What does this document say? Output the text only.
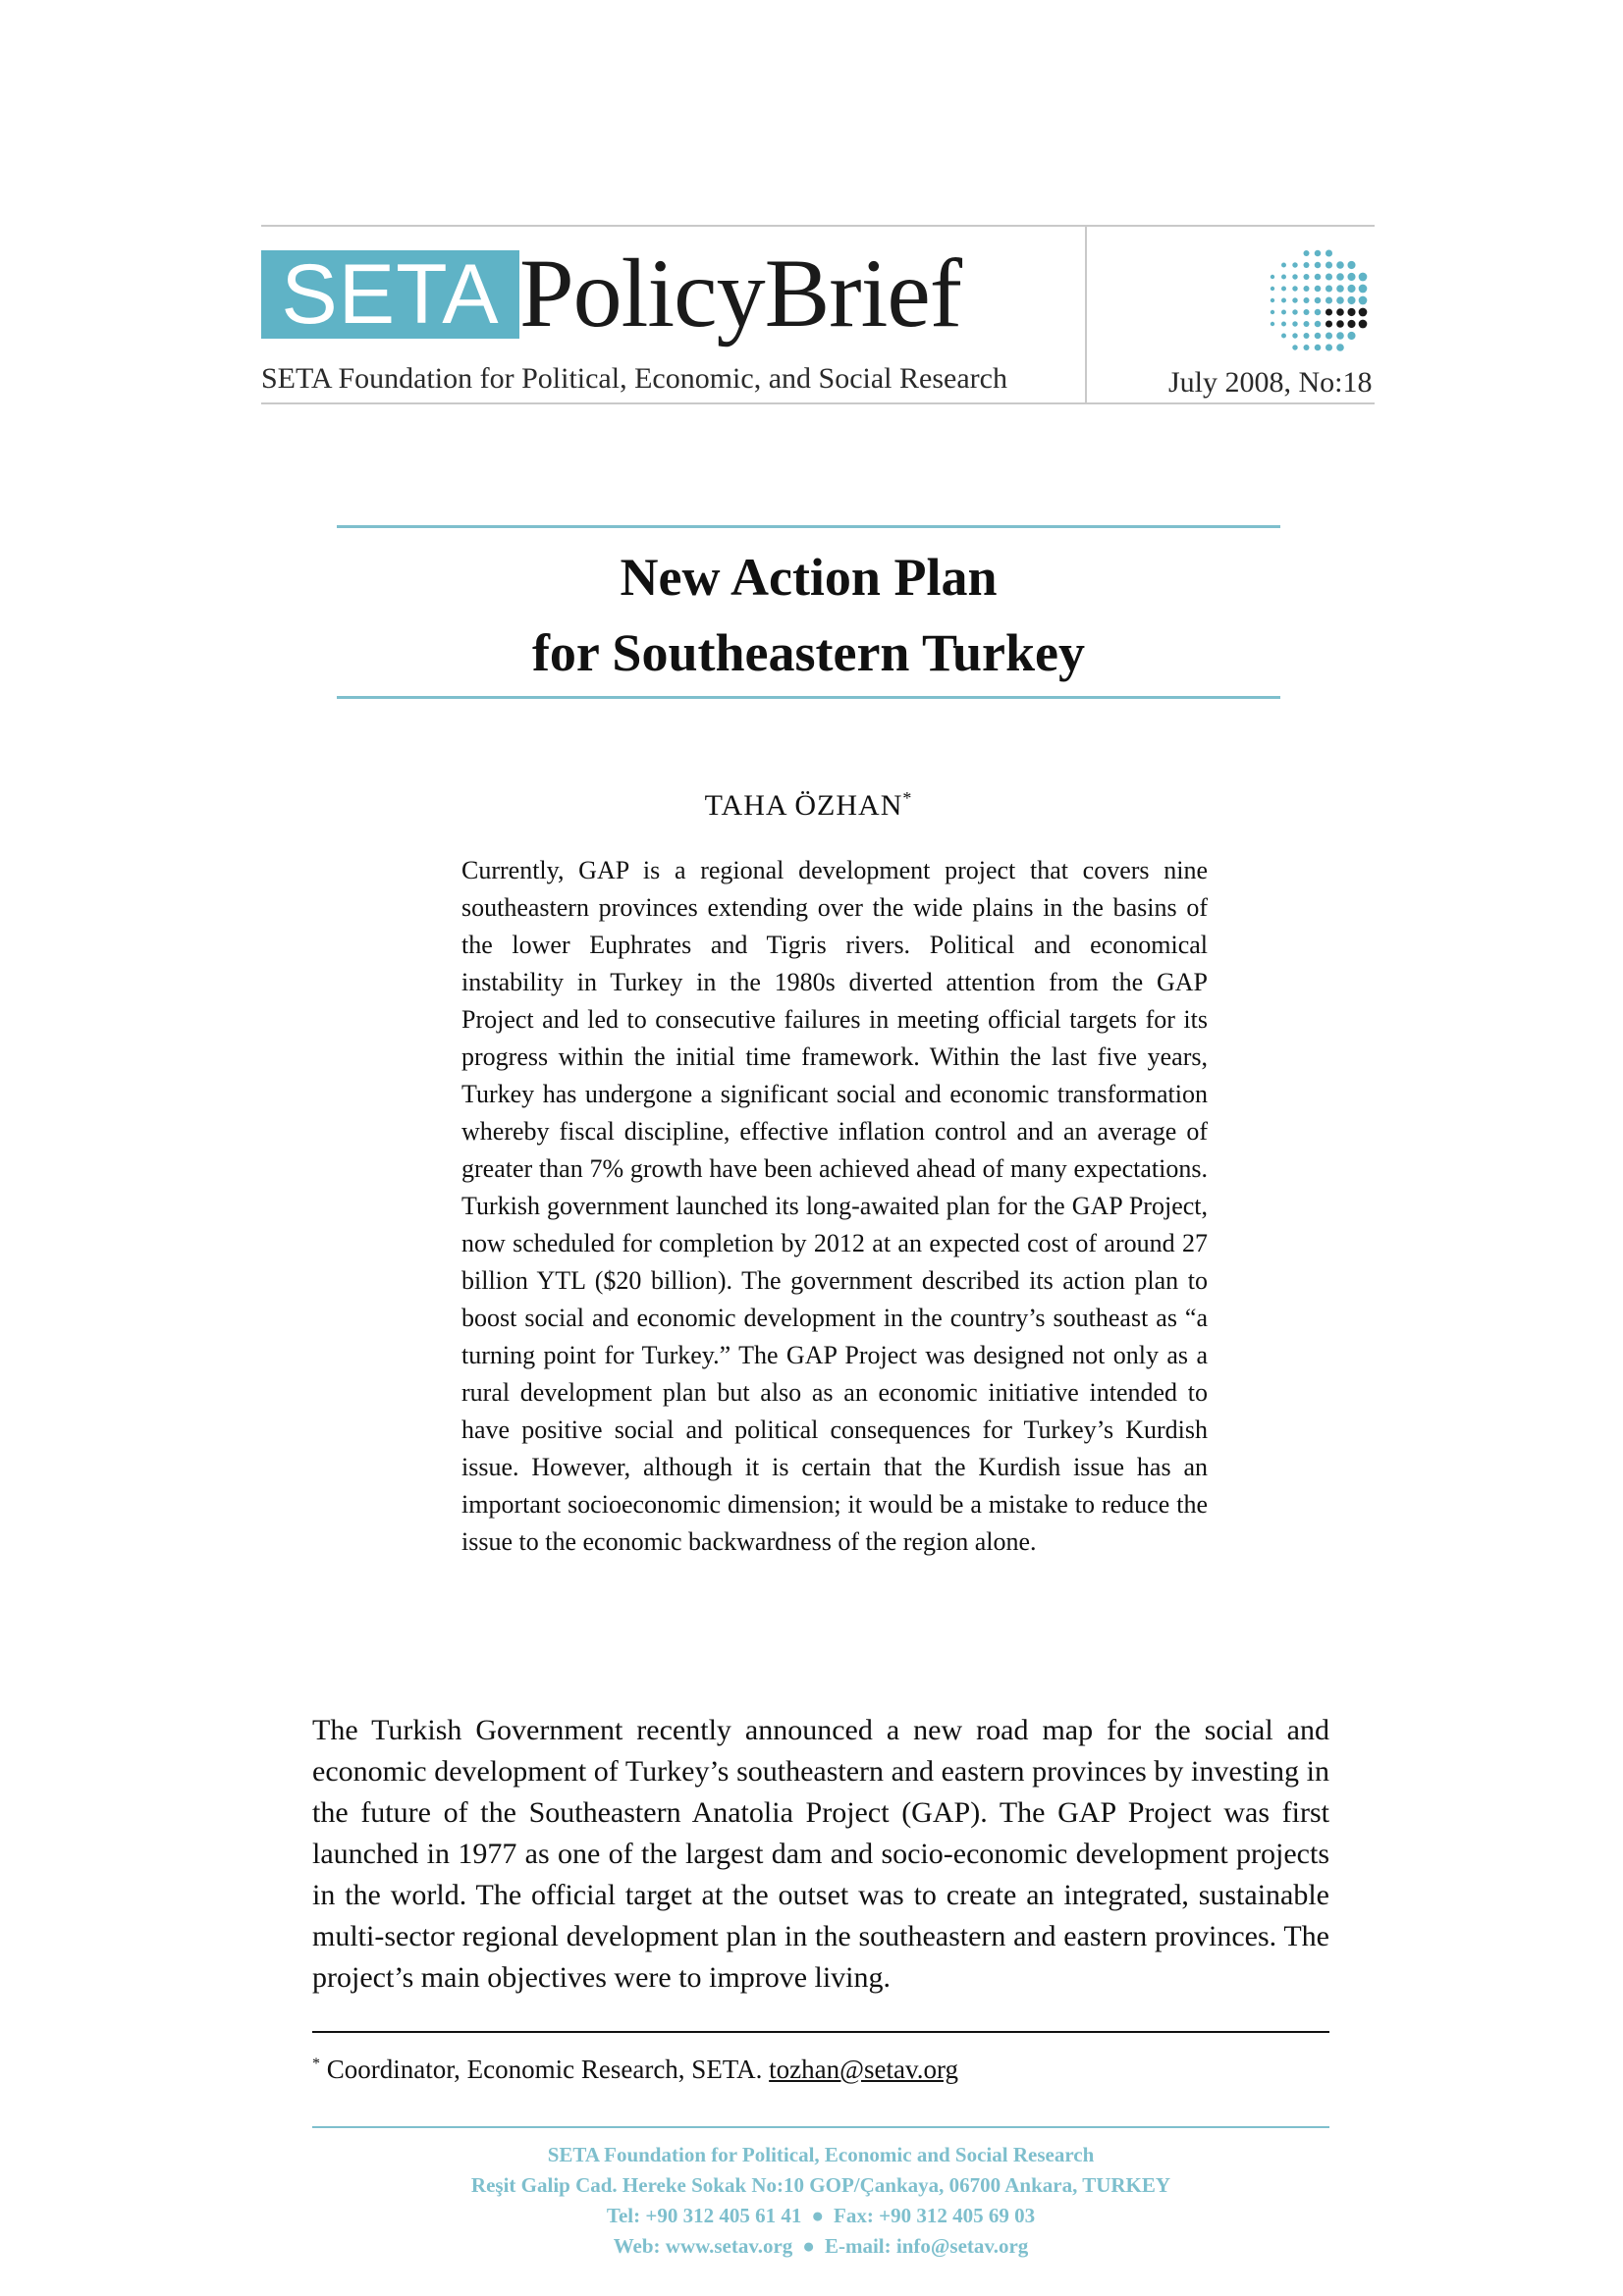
SETA PolicyBrief
SETA Foundation for Political, Economic, and Social Research	July 2008, No:18
New Action Plan
for Southeastern Turkey
TAHA ÖZHAN*
Currently, GAP is a regional development project that covers nine southeastern provinces extending over the wide plains in the basins of the lower Euphrates and Tigris rivers. Political and economical instability in Turkey in the 1980s diverted attention from the GAP Project and led to consecutive failures in meeting official targets for its progress within the initial time framework. Within the last five years, Turkey has undergone a significant social and economic transformation whereby fiscal discipline, effective inflation control and an average of greater than 7% growth have been achieved ahead of many expectations. Turkish government launched its long-awaited plan for the GAP Project, now scheduled for completion by 2012 at an expected cost of around 27 billion YTL ($20 billion). The government described its action plan to boost social and economic development in the country’s southeast as “a turning point for Turkey.” The GAP Project was designed not only as a rural development plan but also as an economic initiative intended to have positive social and political consequences for Turkey’s Kurdish issue. However, although it is certain that the Kurdish issue has an important socioeconomic dimension; it would be a mistake to reduce the issue to the economic backwardness of the region alone.
The Turkish Government recently announced a new road map for the social and economic development of Turkey’s southeastern and eastern provinces by investing in the future of the Southeastern Anatolia Project (GAP). The GAP Project was first launched in 1977 as one of the largest dam and socio-economic development projects in the world. The official target at the outset was to create an integrated, sustainable multi-sector regional development plan in the southeastern and eastern provinces. The project’s main objectives were to improve living.
* Coordinator, Economic Research, SETA. tozhan@setav.org
SETA Foundation for Political, Economic and Social Research
Reşit Galip Cad. Hereke Sokak No:10 GOP/Çankaya, 06700 Ankara, TURKEY
Tel: +90 312 405 61 41 ● Fax: +90 312 405 69 03
Web: www.setav.org ● E-mail: info@setav.org
